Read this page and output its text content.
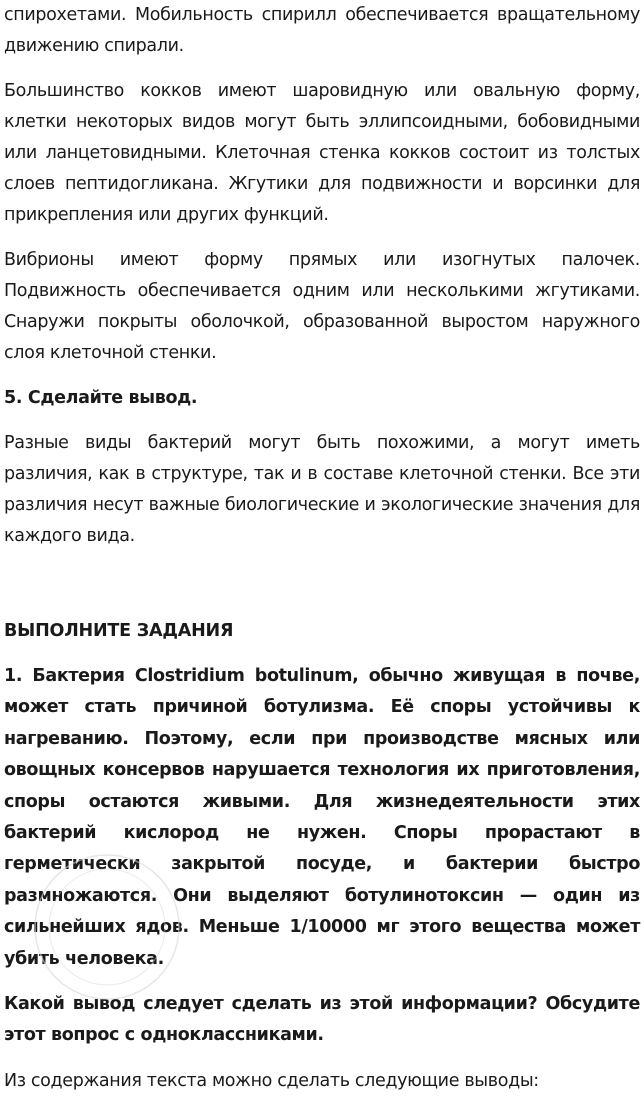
спирохетами. Мобильность спирилл обеспечивается вращательному движению спирали.

Большинство кокков имеют шаровидную или овальную форму, клетки некоторых видов могут быть эллипсоидными, бобовидными или ланцетовидными. Клеточная стенка кокков состоит из толстых слоев пептидогликана. Жгутики для подвижности и ворсинки для прикрепления или других функций.

Вибрионы имеют форму прямых или изогнутых палочек. Подвижность обеспечивается одним или несколькими жгутиками. Снаружи покрыты оболочкой, образованной выростом наружного слоя клеточной стенки.

5. Сделайте вывод.

Разные виды бактерий могут быть похожими, а могут иметь различия, как в структуре, так и в составе клеточной стенки. Все эти различия несут важные биологические и экологические значения для каждого вида.

ВЫПОЛНИТЕ ЗАДАНИЯ

1. Бактерия Clostridium botulinum, обычно живущая в почве, может стать причиной ботулизма. Её споры устойчивы к нагреванию. Поэтому, если при производстве мясных или овощных консервов нарушается технология их приготовления, споры остаются живыми. Для жизнедеятельности этих бактерий кислород не нужен. Споры прорастают в герметически закрытой посуде, и бактерии быстро размножаются. Они выделяют ботулинотоксин — один из сильнейших ядов. Меньше 1/10000 мг этого вещества может убить человека.

Какой вывод следует сделать из этой информации? Обсудите этот вопрос с одноклассниками.

Из содержания текста можно сделать следующие выводы:
